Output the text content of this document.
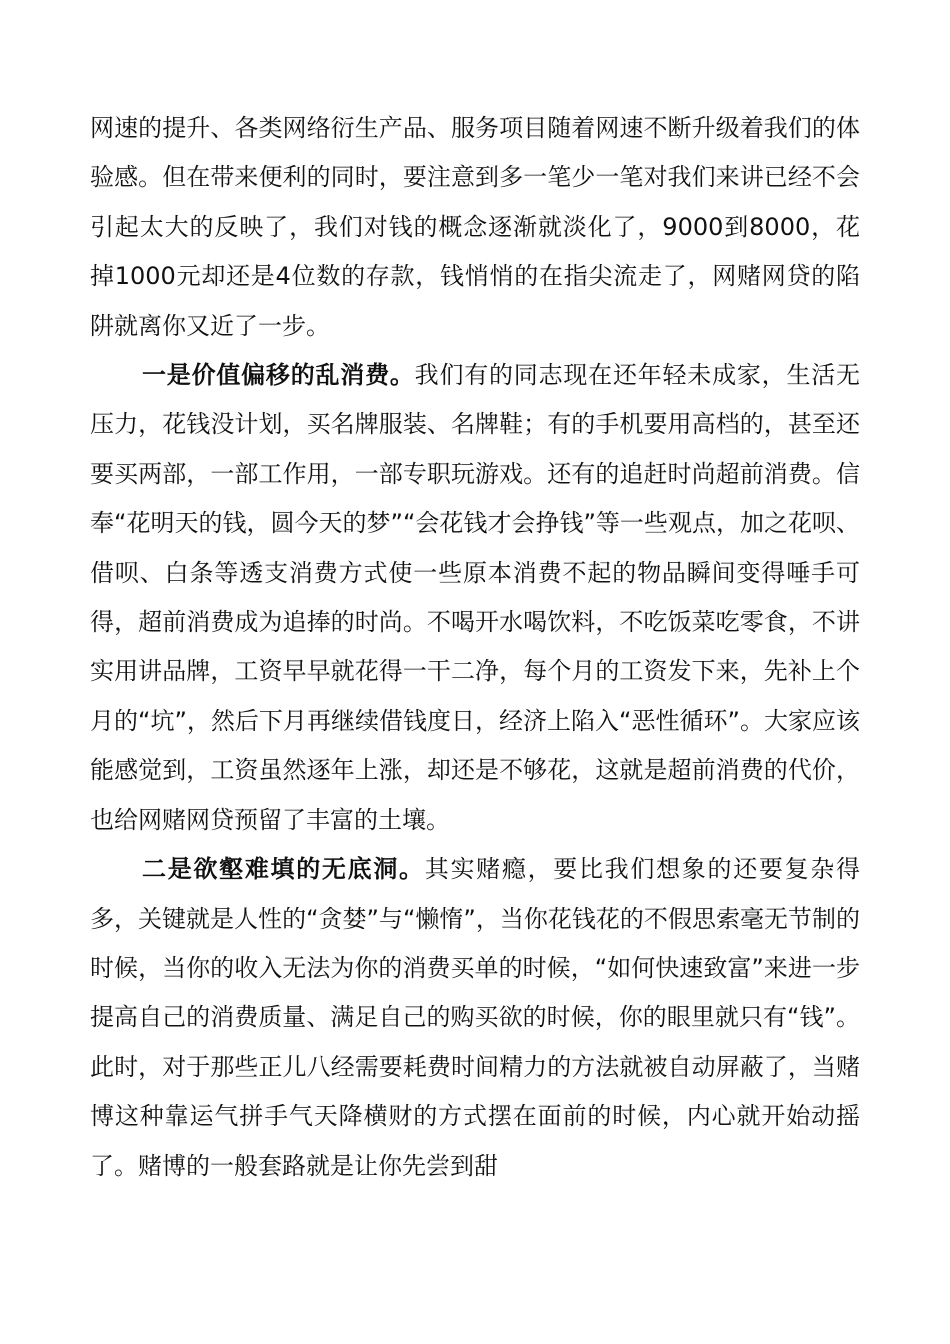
网速的提升、各类网络衍生产品、服务项目随着网速不断升级着我们的体验感。但在带来便利的同时，要注意到多一笔少一笔对我们来讲已经不会引起太大的反映了，我们对钱的概念逐渐就淡化了，9000到8000，花掉1000元却还是4位数的存款，钱悄悄的在指尖流走了，网赌网贷的陷阱就离你又近了一步。

一是价值偏移的乱消费。我们有的同志现在还年轻未成家，生活无压力，花钱没计划，买名牌服装、名牌鞋；有的手机要用高档的，甚至还要买两部，一部工作用，一部专职玩游戏。还有的追赶时尚超前消费。信奉“花明天的钱，圆今天的梦”“会花钱才会挣钱”等一些观点，加之花呗、借呗、白条等透支消费方式使一些原本消费不起的物品瞬间变得唾手可得，超前消费成为追捧的时尚。不喝开水喝饮料，不吃饭菜吃零食，不讲实用讲品牌，工资早早就花得一干二净，每个月的工资发下来，先补上个月的“坑”，然后下月再继续借钱度日，经济上陷入“恶性循环”。大家应该能感觉到，工资虽然逐年上涨，却还是不够花，这就是超前消费的代价，也给网赌网贷预留了丰富的土壤。

二是欲壑难填的无底洞。其实赌瘾，要比我们想象的还要复杂得多，关键就是人性的“贪婪”与“懒惰”，当你花钱花的不假思索毫无节制的时候，当你的收入无法为你的消费买单的时候，“如何快速致富”来进一步提高自己的消费质量、满足自己的购买欲的时候，你的眼里就只有“钱”。此时，对于那些正儿八经需要耗费时间精力的方法就被自动屏蔽了，当赌博这种靠运气拼手气天降横财的方式摆在面前的时候，内心就开始动摇了。赌博的一般套路就是让你先尝到甜
